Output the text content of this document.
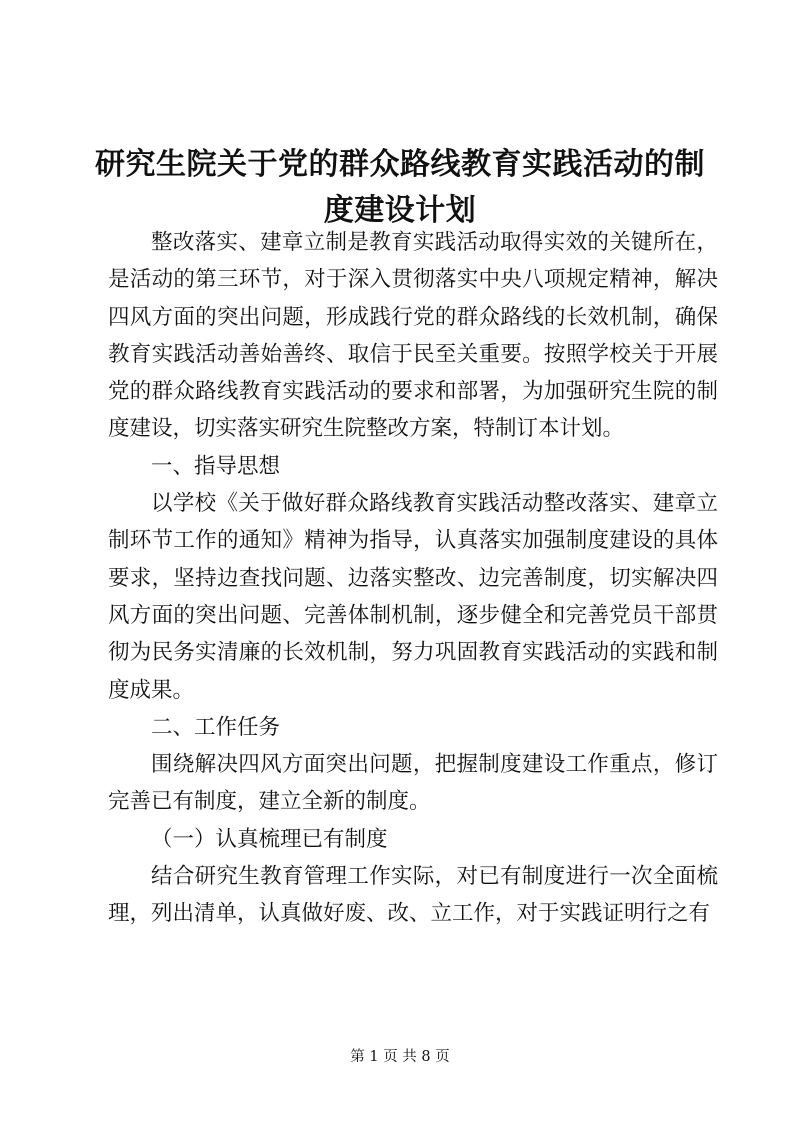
研究生院关于党的群众路线教育实践活动的制度建设计划

整改落实、建章立制是教育实践活动取得实效的关键所在，是活动的第三环节，对于深入贯彻落实中央八项规定精神，解决四风方面的突出问题，形成践行党的群众路线的长效机制，确保教育实践活动善始善终、取信于民至关重要。按照学校关于开展党的群众路线教育实践活动的要求和部署，为加强研究生院的制度建设，切实落实研究生院整改方案，特制订本计划。

一、指导思想

以学校《关于做好群众路线教育实践活动整改落实、建章立制环节工作的通知》精神为指导，认真落实加强制度建设的具体要求，坚持边查找问题、边落实整改、边完善制度，切实解决四风方面的突出问题、完善体制机制，逐步健全和完善党员干部贯彻为民务实清廉的长效机制，努力巩固教育实践活动的实践和制度成果。

二、工作任务

围绕解决四风方面突出问题，把握制度建设工作重点，修订完善已有制度，建立全新的制度。

（一）认真梳理已有制度

结合研究生教育管理工作实际，对已有制度进行一次全面梳理，列出清单，认真做好废、改、立工作，对于实践证明行之有

第 1 页 共 8 页
